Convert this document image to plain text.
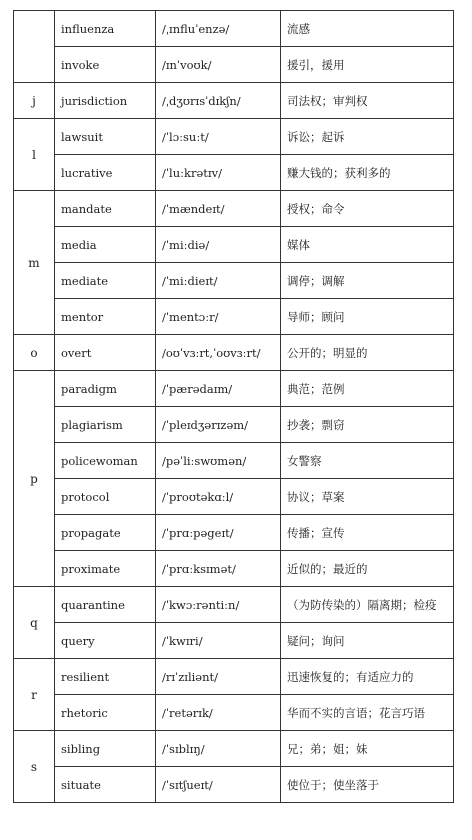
	influenza	/ˌɪnfluˈenzə/	流感
	invoke	/ɪnˈvoʊk/	援引，援用
j	jurisdiction	/ˌdʒʊrɪsˈdɪkʃn/	司法权；审判权
l	lawsuit	/ˈlɔːsuːt/	诉讼；起诉
	lucrative	/ˈluːkrətɪv/	赚大钱的；获利多的
m	mandate	/ˈmændeɪt/	授权；命令
	media	/ˈmiːdiə/	媒体
	mediate	/ˈmiːdieɪt/	调停；调解
	mentor	/ˈmentɔːr/	导师；顾问
o	overt	/oʊˈvɜːrt,ˈoʊvɜːrt/	公开的；明显的
p	paradigm	/ˈpærədaɪm/	典范；范例
	plagiarism	/ˈpleɪdʒərɪzəm/	抄袭；剽窃
	policewoman	/pəˈliːswʊmən/	女警察
	protocol	/ˈproʊtəkɑːl/	协议；草案
	propagate	/ˈprɑːpəgeɪt/	传播；宣传
	proximate	/ˈprɑːksɪmət/	近似的；最近的
q	quarantine	/ˈkwɔːrəntiːn/	（为防传染的）隔离期；检疫
	query	/ˈkwɪri/	疑问；询问
r	resilient	/rɪˈzɪliənt/	迅速恢复的；有适应力的
	rhetoric	/ˈretərɪk/	华而不实的言语；花言巧语
s	sibling	/ˈsɪblɪŋ/	兄；弟；姐；妹
	situate	/ˈsɪtʃueɪt/	使位于；使坐落于
